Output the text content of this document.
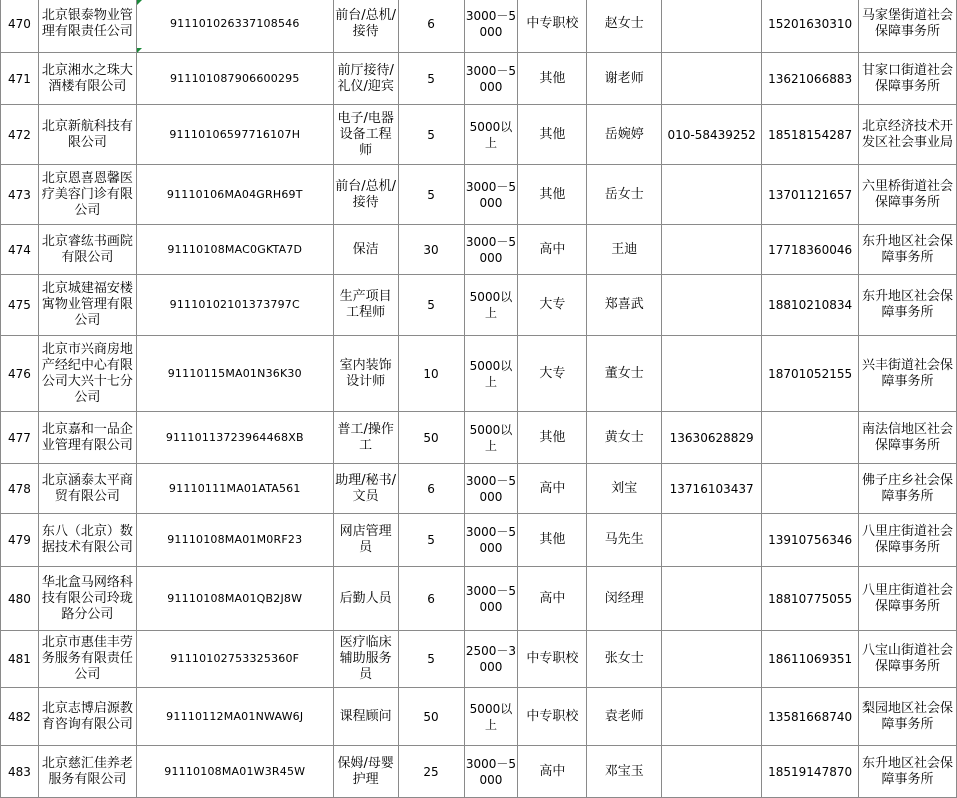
470	北京银泰物业管理有限责任公司	911101026337108546	前台/总机/接待	6	3000－5000	中专职校	赵女士		15201630310	马家堡街道社会保障事务所
471	北京湘水之珠大酒楼有限公司	911101087906600295	前厅接待/礼仪/迎宾	5	3000－5000	其他	谢老师		13621066883	甘家口街道社会保障事务所
472	北京新航科技有限公司	91110106597716107H	电子/电器设备工程师	5	5000以上	其他	岳婉婷	010-58439252	18518154287	北京经济技术开发区社会事业局
473	北京恩喜恩馨医疗美容门诊有限公司	91110106MA04GRH69T	前台/总机/接待	5	3000－5000	其他	岳女士		13701121657	六里桥街道社会保障事务所
474	北京睿纮书画院有限公司	91110108MAC0GKTA7D	保洁	30	3000－5000	高中	王迪		17718360046	东升地区社会保障事务所
475	北京城建福安楼寓物业管理有限公司	91110102101373797C	生产项目工程师	5	5000以上	大专	郑喜武		18810210834	东升地区社会保障事务所
476	北京市兴商房地产经纪中心有限公司大兴十七分公司	91110115MA01N36K30	室内装饰设计师	10	5000以上	大专	董女士		18701052155	兴丰街道社会保障事务所
477	北京嘉和一品企业管理有限公司	91110113723964468XB	普工/操作工	50	5000以上	其他	黄女士	13630628829		南法信地区社会保障事务所
478	北京涵泰太平商贸有限公司	91110111MA01ATA561	助理/秘书/文员	6	3000－5000	高中	刘宝	13716103437		佛子庄乡社会保障事务所
479	东八（北京）数据技术有限公司	91110108MA01M0RF23	网店管理员	5	3000－5000	其他	马先生		13910756346	八里庄街道社会保障事务所
480	华北盒马网络科技有限公司玲珑路分公司	91110108MA01QB2J8W	后勤人员	6	3000－5000	高中	闵经理		18810775055	八里庄街道社会保障事务所
481	北京市惠佳丰劳务服务有限责任公司	91110102753325360F	医疗临床辅助服务员	5	2500－3000	中专职校	张女士		18611069351	八宝山街道社会保障事务所
482	北京志博启源教育咨询有限公司	91110112MA01NWAW6J	课程顾问	50	5000以上	中专职校	袁老师		13581668740	梨园地区社会保障事务所
483	北京慈汇佳养老服务有限公司	91110108MA01W3R45W	保姆/母婴护理	25	3000－5000	高中	邓宝玉		18519147870	东升地区社会保障事务所
